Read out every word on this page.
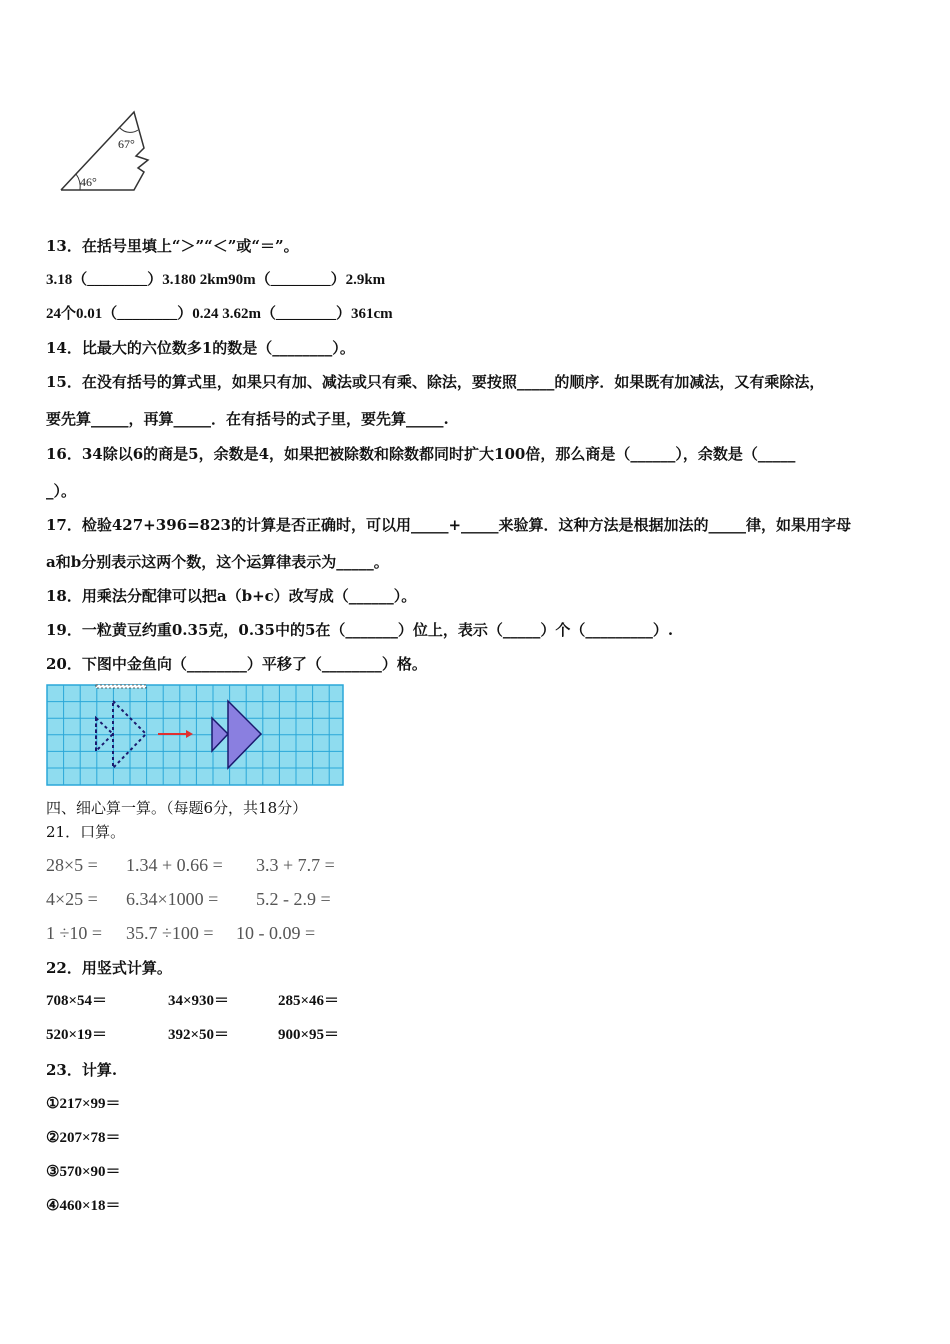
67°
46°
13．在括号里填上“＞”“＜”或“＝”。
3.18（________）3.180 2km90m（________）2.9km
24个0.01（________）0.24 3.62m（________）361cm
14．比最大的六位数多1的数是（________）。
15．在没有括号的算式里，如果只有加、减法或只有乘、除法，要按照_____的顺序．如果既有加减法，又有乘除法，
要先算_____，再算_____．在有括号的式子里，要先算_____.
16．34除以6的商是5，余数是4，如果把被除数和除数都同时扩大100倍，那么商是（______），余数是（_____
_）。
17．检验427+396=823的计算是否正确时，可以用_____+_____来验算．这种方法是根据加法的_____律，如果用字母
a和b分别表示这两个数，这个运算律表示为_____。
18．用乘法分配律可以把a（b+c）改写成（______）。
19．一粒黄豆约重0.35克，0.35中的5在（_______）位上，表示（_____）个（_________）.
20．下图中金鱼向（________）平移了（________）格。
四、细心算一算。（每题6分，共18分）
21．口算。
28×5 = 1.34 + 0.66 = 3.3 + 7.7 =
4×25 = 6.34×1000 = 5.2 - 2.9 =
1 ÷10 = 35.7 ÷100 = 10 - 0.09 =
22．用竖式计算。
708×54＝	34×930＝	285×46＝
520×19＝	392×50＝	900×95＝
23．计算.
①217×99＝
②207×78＝
③570×90＝
④460×18＝
